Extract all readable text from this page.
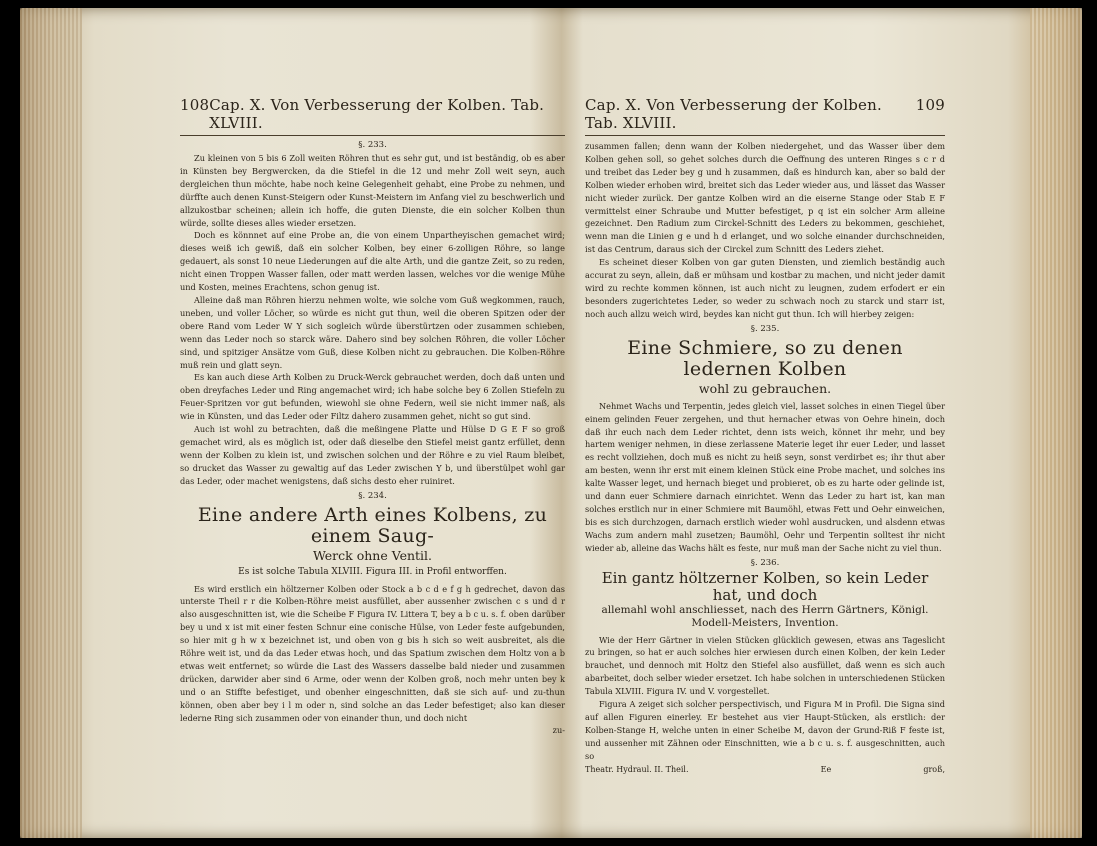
108 Cap. X. Von Verbesserung der Kolben. Tab. XLVIII.
§. 233.

Zu kleinen von 5 bis 6 Zoll weiten Röhren thut es sehr gut, und ist beständig, ob es aber in Künsten bey Bergwercken, da die Stiefel in die 12 und mehr Zoll weit seyn, auch dergleichen thun möchte, habe noch keine Gelegenheit gehabt, eine Probe zu nehmen, und dürffte auch denen Kunst-Steigern oder Kunst-Meistern im Anfang viel zu beschwerlich und allzukostbar scheinen; allein ich hoffe, die guten Dienste, die ein solcher Kolben thun würde, sollte dieses alles wieder ersetzen.

Doch es könnnet auf eine Probe an, die von einem Unpartheyischen gemachet wird; dieses weiß ich gewiß, daß ein solcher Kolben, bey einer 6-zolligen Röhre, so lange gedauert, als sonst 10 neue Liederungen auf die alte Arth, und die gantze Zeit, so zu reden, nicht einen Troppen Wasser fallen, oder matt werden lassen, welches vor die wenige Mühe und Kosten, meines Erachtens, schon genug ist.

Alleine daß man Röhren hierzu nehmen wolte, wie solche vom Guß wegkommen, rauch, uneben, und voller Löcher, so würde es nicht gut thun, weil die oberen Spitzen oder der obere Rand vom Leder W Y sich sogleich würde überstürtzen oder zusammen schieben, wenn das Leder noch so starck wäre. Dahero sind bey solchen Röhren, die voller Löcher sind, und spitziger Ansätze vom Guß, diese Kolben nicht zu gebrauchen. Die Kolben-Röhre muß rein und glatt seyn.

Es kan auch diese Arth Kolben zu Druck-Werck gebrauchet werden, doch daß unten und oben dreyfaches Leder und Ring angemachet wird; ich habe solche bey 6 Zollen Stiefeln zu Feuer-Spritzen vor gut befunden, wiewohl sie ohne Federn, weil sie nicht immer naß, als wie in Künsten, und das Leder oder Filtz dahero zusammen gehet, nicht so gut sind.

Auch ist wohl zu betrachten, daß die meßingene Platte und Hülse D G E F so groß gemachet wird, als es möglich ist, oder daß dieselbe den Stiefel meist gantz erfüllet, denn wenn der Kolben zu klein ist, und zwischen solchen und der Röhre e zu viel Raum bleibet, so drucket das Wasser zu gewaltig auf das Leder zwischen Y b, und überstülpet wohl gar das Leder, oder machet wenigstens, daß sichs desto eher ruiniret.

§. 234.
Eine andere Arth eines Kolbens, zu einem Saug-
Werck ohne Ventil.
Es ist solche Tabula XLVIII. Figura III. in Profil entworffen.

Es wird erstlich ein höltzerner Kolben oder Stock a b c d e f g h gedrechet, davon das unterste Theil r r die Kolben-Röhre meist ausfüllet, aber aussenher zwischen c s und d r also ausgeschnitten ist, wie die Scheibe F Figura IV. Littera T, bey a b c u. s. f. oben darüber bey u und x ist mit einer festen Schnur eine conische Hülse, von Leder feste aufgebunden, so hier mit g h w x bezeichnet ist, und oben von g bis h sich so weit ausbreitet, als die Röhre weit ist, und da das Leder etwas hoch, und das Spatium zwischen dem Holtz von a b etwas weit entfernet; so würde die Last des Wassers dasselbe bald nieder und zusammen drücken, darwider aber sind 6 Arme, oder wenn der Kolben groß, noch mehr unten bey k und o an Stiffte befestiget, und obenher eingeschnitten, daß sie sich auf- und zu-thun können, oben aber bey i l m oder n, sind solche an das Leder befestiget; also kan dieser lederne Ring sich zusammen oder von einander thun, und doch nicht

zu-
Cap. X. Von Verbesserung der Kolben. Tab. XLVIII.
109

zusammen fallen; denn wann der Kolben niedergehet, und das Wasser über dem Kolben gehen soll, so gehet solches durch die Oeffnung des unteren Ringes s c r d und treibet das Leder bey g und h zusammen, daß es hindurch kan, aber so bald der Kolben wieder erhoben wird, breitet sich das Leder wieder aus, und lässet das Wasser nicht wieder zurück. Der gantze Kolben wird an die eiserne Stange oder Stab E F vermittelst einer Schraube und Mutter befestiget, p q ist ein solcher Arm alleine gezeichnet. Den Radium zum Circkel-Schnitt des Leders zu bekommen, geschiehet, wenn man die Linien g e und h d erlanget, und wo solche einander durchschneiden, ist das Centrum, daraus sich der Circkel zum Schnitt des Leders ziehet.

Es scheinet dieser Kolben von gar guten Diensten, und ziemlich beständig auch accurat zu seyn, allein, daß er mühsam und kostbar zu machen, und nicht jeder damit wird zu rechte kommen können, ist auch nicht zu leugnen, zudem erfodert er ein besonders zugerichtetes Leder, so weder zu schwach noch zu starck und starr ist, noch auch allzu weich wird, beydes kan nicht gut thun. Ich will hierbey zeigen:

§. 235.
Eine Schmiere, so zu denen ledernen Kolben
wohl zu gebrauchen.

Nehmet Wachs und Terpentin, jedes gleich viel, lasset solches in einen Tiegel über einem gelinden Feuer zergehen, und thut hernacher etwas von Oehre hinein, doch daß ihr euch nach dem Leder richtet, denn ists weich, könnet ihr mehr, und bey hartem weniger nehmen, in diese zerlassene Materie leget ihr euer Leder, und lasset es recht vollziehen, doch muß es nicht zu heiß seyn, sonst verdirbet es; ihr thut aber am besten, wenn ihr erst mit einem kleinen Stück eine Probe machet, und solches ins kalte Wasser leget, und hernach bieget und probieret, ob es zu harte oder gelinde ist, und dann euer Schmiere darnach einrichtet. Wenn das Leder zu hart ist, kan man solches erstlich nur in einer Schmiere mit Baumöhl, etwas Fett und Oehr einweichen, bis es sich durchzogen, darnach erstlich wieder wohl ausdrucken, und alsdenn etwas Wachs zum andern mahl zusetzen; Baumöhl, Oehr und Terpentin solltest ihr nicht wieder ab, alleine das Wachs hält es feste, nur muß man der Sache nicht zu viel thun.

§. 236.
Ein gantz höltzerner Kolben, so kein Leder hat, und doch
allemahl wohl anschliesset, nach des Herrn Gärtners, Königl. Modell-Meisters, Invention.

Wie der Herr Gärtner in vielen Stücken glücklich gewesen, etwas ans Tageslicht zu bringen, so hat er auch solches hier erwiesen durch einen Kolben, der kein Leder brauchet, und dennoch mit Holtz den Stiefel also ausfüllet, daß wenn es sich auch abarbeitet, doch selber wieder ersetzet. Ich habe solchen in unterschiedenen Stücken Tabula XLVIII. Figura IV. und V. vorgestellet.

Figura A zeiget sich solcher perspectivisch, und Figura M in Profil. Die Signa sind auf allen Figuren einerley. Er bestehet aus vier Haupt-Stücken, als erstlich: der Kolben-Stange H, welche unten in einer Scheibe M, davon der Grund-Riß F feste ist, und aussenher mit Zähnen oder Einschnitten, wie a b c u. s. f. ausgeschnitten, auch so

Theatr. Hydraul. II. Theil.	Ee	groß,
